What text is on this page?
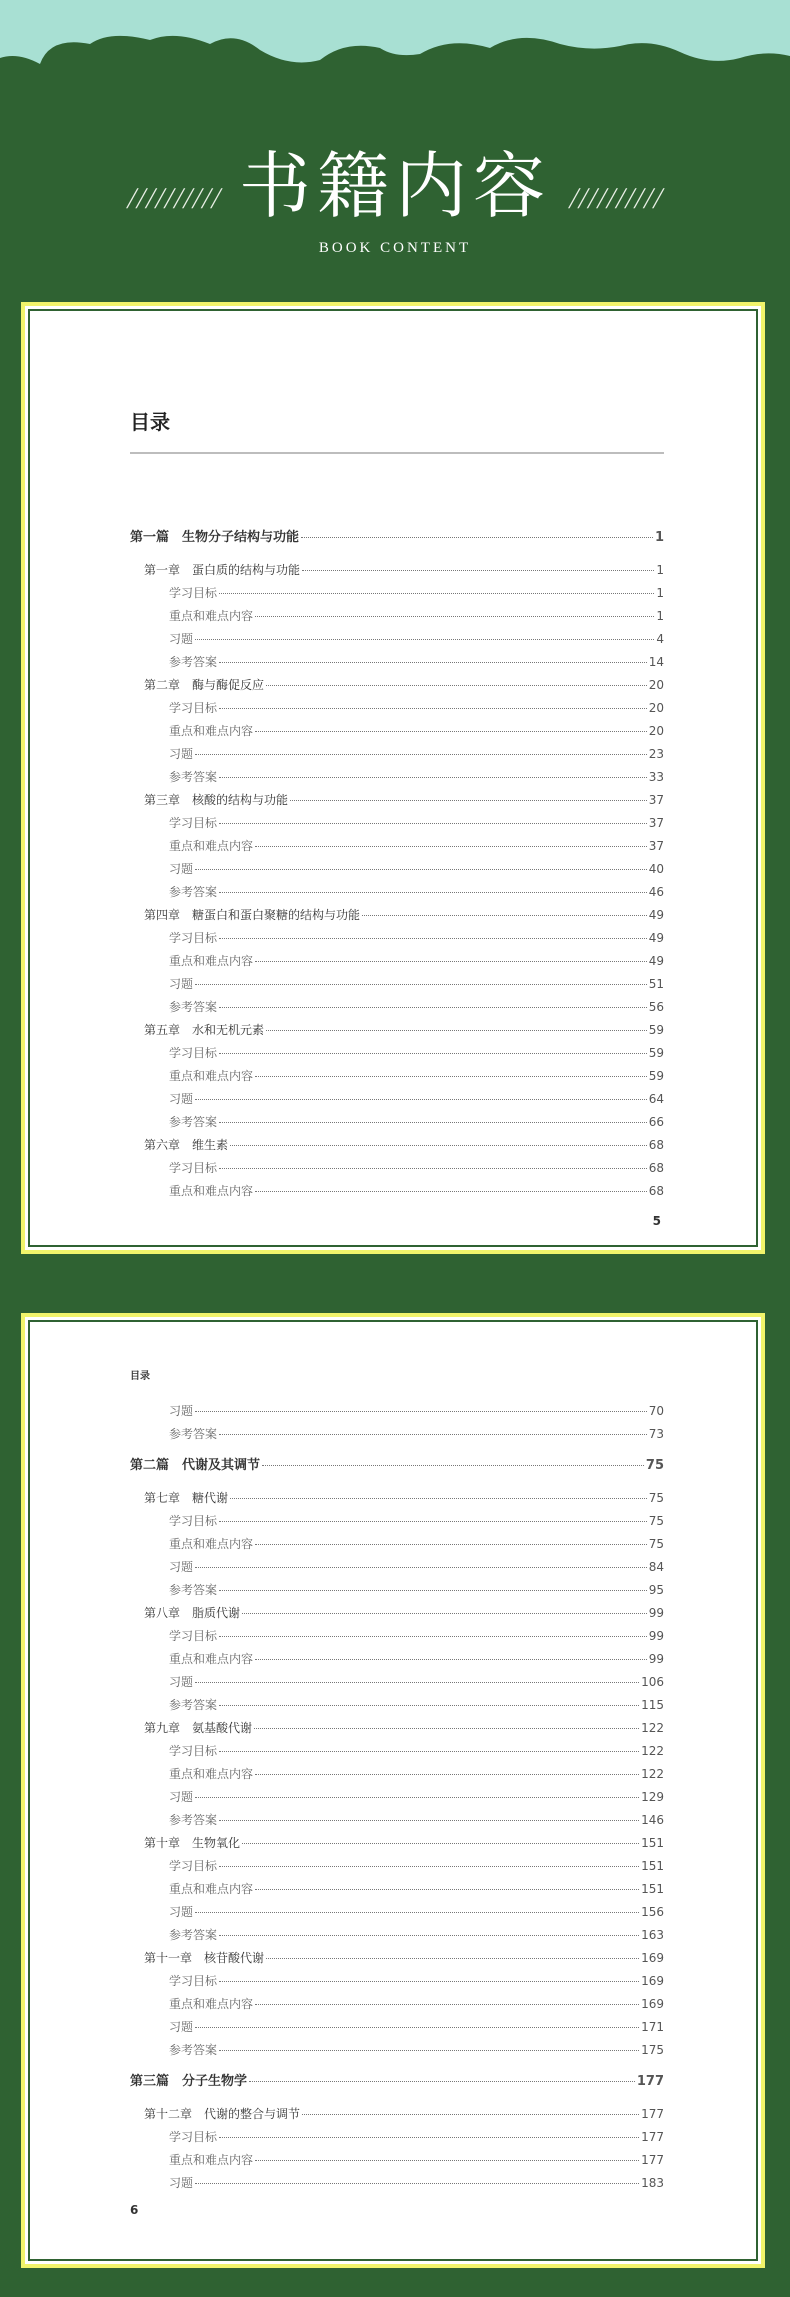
//////////	//////////
书籍内容
BOOK CONTENT
目录
第一篇　生物分子结构与功能	1
第一章　蛋白质的结构与功能	1
学习目标	1
重点和难点内容	1
习题	4
参考答案	14
第二章　酶与酶促反应	20
学习目标	20
重点和难点内容	20
习题	23
参考答案	33
第三章　核酸的结构与功能	37
学习目标	37
重点和难点内容	37
习题	40
参考答案	46
第四章　糖蛋白和蛋白聚糖的结构与功能	49
学习目标	49
重点和难点内容	49
习题	51
参考答案	56
第五章　水和无机元素	59
学习目标	59
重点和难点内容	59
习题	64
参考答案	66
第六章　维生素	68
学习目标	68
重点和难点内容	68
5
目录
习题	70
参考答案	73
第二篇　代谢及其调节	75
第七章　糖代谢	75
学习目标	75
重点和难点内容	75
习题	84
参考答案	95
第八章　脂质代谢	99
学习目标	99
重点和难点内容	99
习题	106
参考答案	115
第九章　氨基酸代谢	122
学习目标	122
重点和难点内容	122
习题	129
参考答案	146
第十章　生物氧化	151
学习目标	151
重点和难点内容	151
习题	156
参考答案	163
第十一章　核苷酸代谢	169
学习目标	169
重点和难点内容	169
习题	171
参考答案	175
第三篇　分子生物学	177
第十二章　代谢的整合与调节	177
学习目标	177
重点和难点内容	177
习题	183
6
